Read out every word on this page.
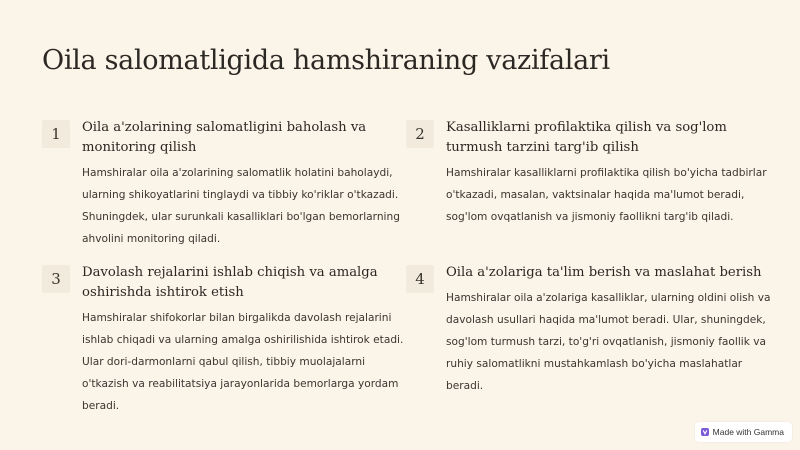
Oila salomatligida hamshiraning vazifalari
1	Oila a'zolarining salomatligini baholash va monitoring qilish

Hamshiralar oila a'zolarining salomatlik holatini baholaydi, ularning shikoyatlarini tinglaydi va tibbiy ko'riklar o'tkazadi. Shuningdek, ular surunkali kasalliklari bo'lgan bemorlarning ahvolini monitoring qiladi.

2	Kasalliklarni profilaktika qilish va sog'lom turmush tarzini targ'ib qilish

Hamshiralar kasalliklarni profilaktika qilish bo'yicha tadbirlar o'tkazadi, masalan, vaktsinalar haqida ma'lumot beradi, sog'lom ovqatlanish va jismoniy faollikni targ'ib qiladi.

3	Davolash rejalarini ishlab chiqish va amalga oshirishda ishtirok etish

Hamshiralar shifokorlar bilan birgalikda davolash rejalarini ishlab chiqadi va ularning amalga oshirilishida ishtirok etadi. Ular dori-darmonlarni qabul qilish, tibbiy muolajalarni o'tkazish va reabilitatsiya jarayonlarida bemorlarga yordam beradi.

4	Oila a'zolariga ta'lim berish va maslahat berish

Hamshiralar oila a'zolariga kasalliklar, ularning oldini olish va davolash usullari haqida ma'lumot beradi. Ular, shuningdek, sog'lom turmush tarzi, to'g'ri ovqatlanish, jismoniy faollik va ruhiy salomatlikni mustahkamlash bo'yicha maslahatlar beradi.

Made with Gamma
